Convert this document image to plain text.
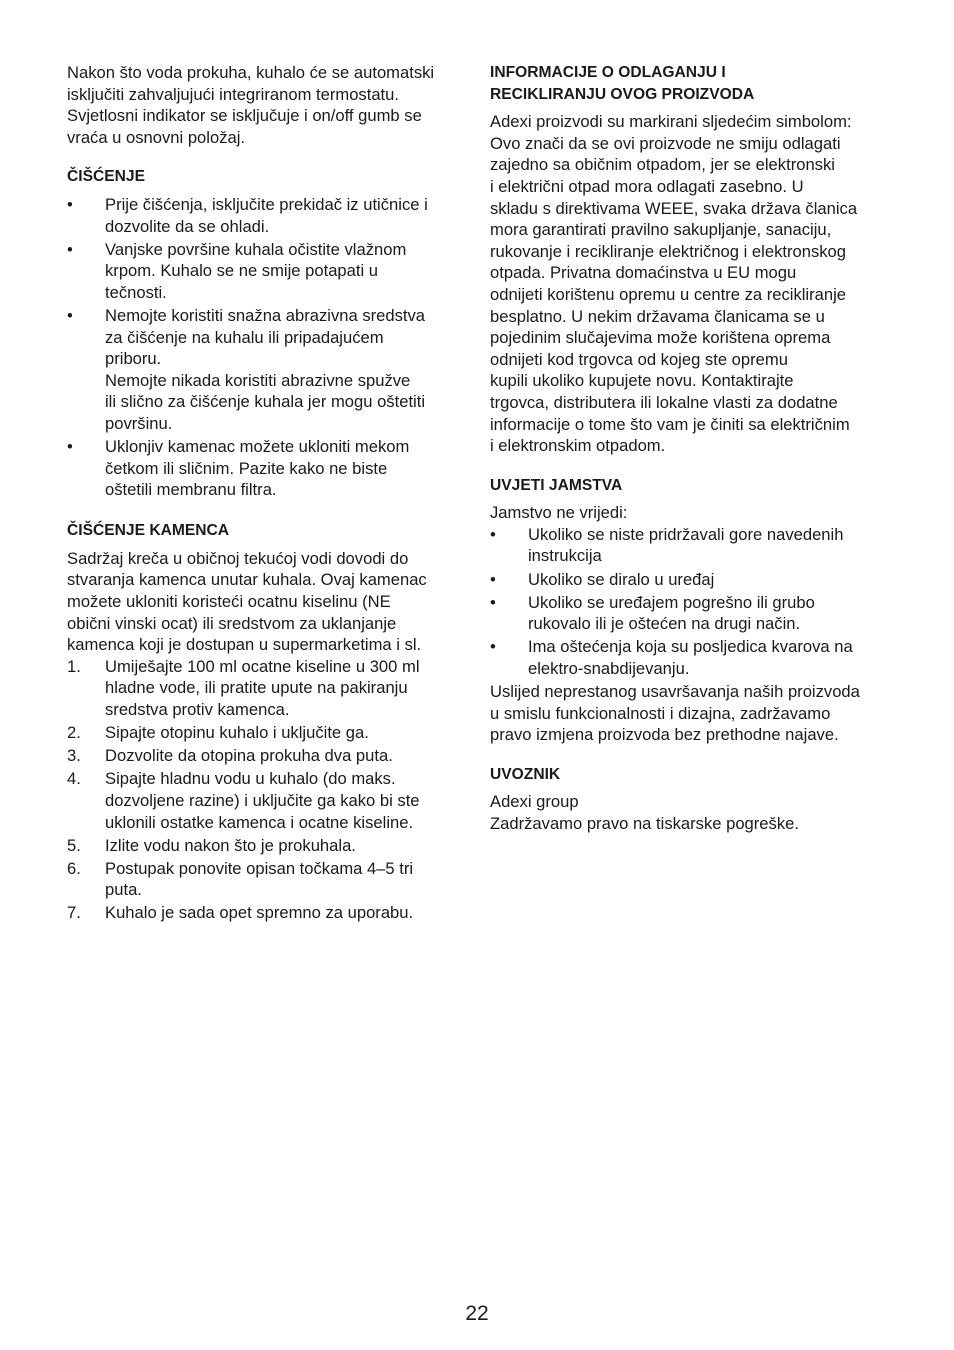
Nakon što voda prokuha, kuhalo će se automatski
isključiti zahvaljujući integriranom termostatu.
Svjetlosni indikator se isključuje i on/off gumb se
vraća u osnovni položaj.

ČIŠĆENJE

• Prije čišćenja, isključite prekidač iz utičnice i
dozvolite da se ohladi.
• Vanjske površine kuhala očistite vlažnom
krpom. Kuhalo se ne smije potapati u
tečnosti.
• Nemojte koristiti snažna abrazivna sredstva
za čišćenje na kuhalu ili pripadajućem
priboru.
Nemojte nikada koristiti abrazivne spužve
ili slično za čišćenje kuhala jer mogu oštetiti
površinu.
• Uklonjiv kamenac možete ukloniti mekom
četkom ili sličnim. Pazite kako ne biste
oštetili membranu filtra.

ČIŠĆENJE KAMENCA

Sadržaj kreča u običnoj tekućoj vodi dovodi do
stvaranja kamenca unutar kuhala. Ovaj kamenac
možete ukloniti koristeći ocatnu kiselinu (NE
obični vinski ocat) ili sredstvom za uklanjanje
kamenca koji je dostupan u supermarketima i sl.

1. Umiješajte 100 ml ocatne kiseline u 300 ml
hladne vode, ili pratite upute na pakiranju
sredstva protiv kamenca.
2. Sipajte otopinu kuhalo i uključite ga.
3. Dozvolite da otopina prokuha dva puta.
4. Sipajte hladnu vodu u kuhalo (do maks.
dozvoljene razine) i uključite ga kako bi ste
uklonili ostatke kamenca i ocatne kiseline.
5. Izlite vodu nakon što je prokuhala.
6. Postupak ponovite opisan točkama 4–5 tri
puta.
7. Kuhalo je sada opet spremno za uporabu.

INFORMACIJE O ODLAGANJU I
RECIKLIRANJU OVOG PROIZVODA

Adexi proizvodi su markirani sljedećim simbolom:
Ovo znači da se ovi proizvode ne smiju odlagati
zajedno sa običnim otpadom, jer se elektronski
i električni otpad mora odlagati zasebno. U
skladu s direktivama WEEE, svaka država članica
mora garantirati pravilno sakupljanje, sanaciju,
rukovanje i recikliranje električnog i elektronskog
otpada. Privatna domaćinstva u EU mogu
odnijeti korištenu opremu u centre za recikliranje
besplatno. U nekim državama članicama se u
pojedinim slučajevima može korištena oprema
odnijeti kod trgovca od kojeg ste opremu
kupili ukoliko kupujete novu. Kontaktirajte
trgovca, distributera ili lokalne vlasti za dodatne
informacije o tome što vam je činiti sa električnim
i elektronskim otpadom.

UVJETI JAMSTVA

Jamstvo ne vrijedi:

• Ukoliko se niste pridržavali gore navedenih
instrukcija
• Ukoliko se diralo u uređaj
• Ukoliko se uređajem pogrešno ili grubo
rukovalo ili je oštećen na drugi način.
• Ima oštećenja koja su posljedica kvarova na
elektro-snabdijevanju.

Uslijed neprestanog usavršavanja naših proizvoda
u smislu funkcionalnosti i dizajna, zadržavamo
pravo izmjena proizvoda bez prethodne najave.

UVOZNIK

Adexi group
Zadržavamo pravo na tiskarske pogreške.

22
